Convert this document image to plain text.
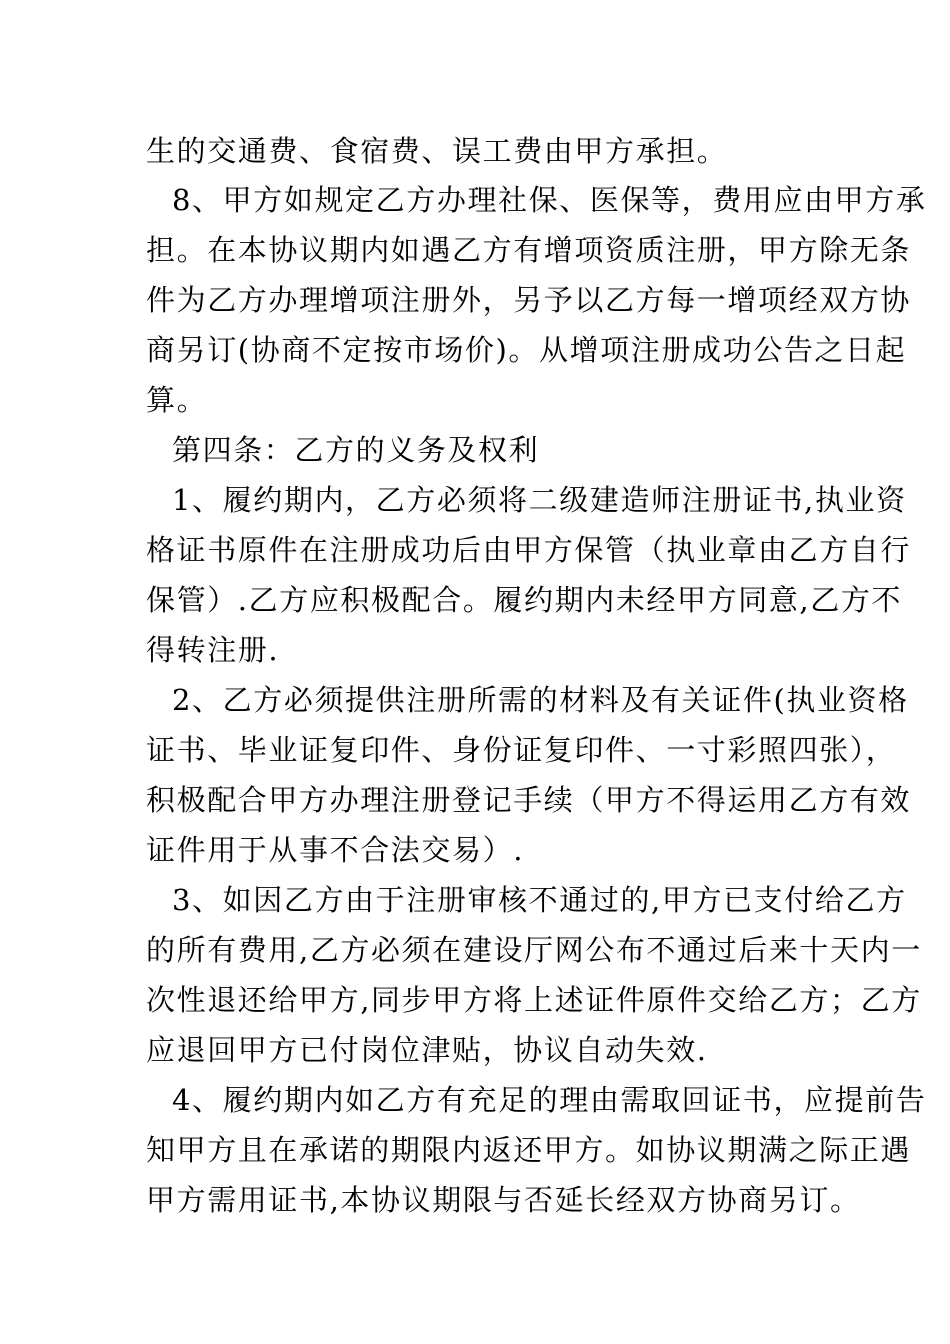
生的交通费、食宿费、误工费由甲方承担。
8、甲方如规定乙方办理社保、医保等，费用应由甲方承
担。在本协议期内如遇乙方有增项资质注册，甲方除无条
件为乙方办理增项注册外，另予以乙方每一增项经双方协
商另订(协商不定按市场价)。从增项注册成功公告之日起
算。
第四条：乙方的义务及权利
1、履约期内，乙方必须将二级建造师注册证书,执业资
格证书原件在注册成功后由甲方保管（执业章由乙方自行
保管）.乙方应积极配合。履约期内未经甲方同意,乙方不
得转注册.
2、乙方必须提供注册所需的材料及有关证件(执业资格
证书、毕业证复印件、身份证复印件、一寸彩照四张），
积极配合甲方办理注册登记手续（甲方不得运用乙方有效
证件用于从事不合法交易）.
3、如因乙方由于注册审核不通过的,甲方已支付给乙方
的所有费用,乙方必须在建设厅网公布不通过后来十天内一
次性退还给甲方,同步甲方将上述证件原件交给乙方；乙方
应退回甲方已付岗位津贴，协议自动失效.
4、履约期内如乙方有充足的理由需取回证书，应提前告
知甲方且在承诺的期限内返还甲方。如协议期满之际正遇
甲方需用证书,本协议期限与否延长经双方协商另订。
